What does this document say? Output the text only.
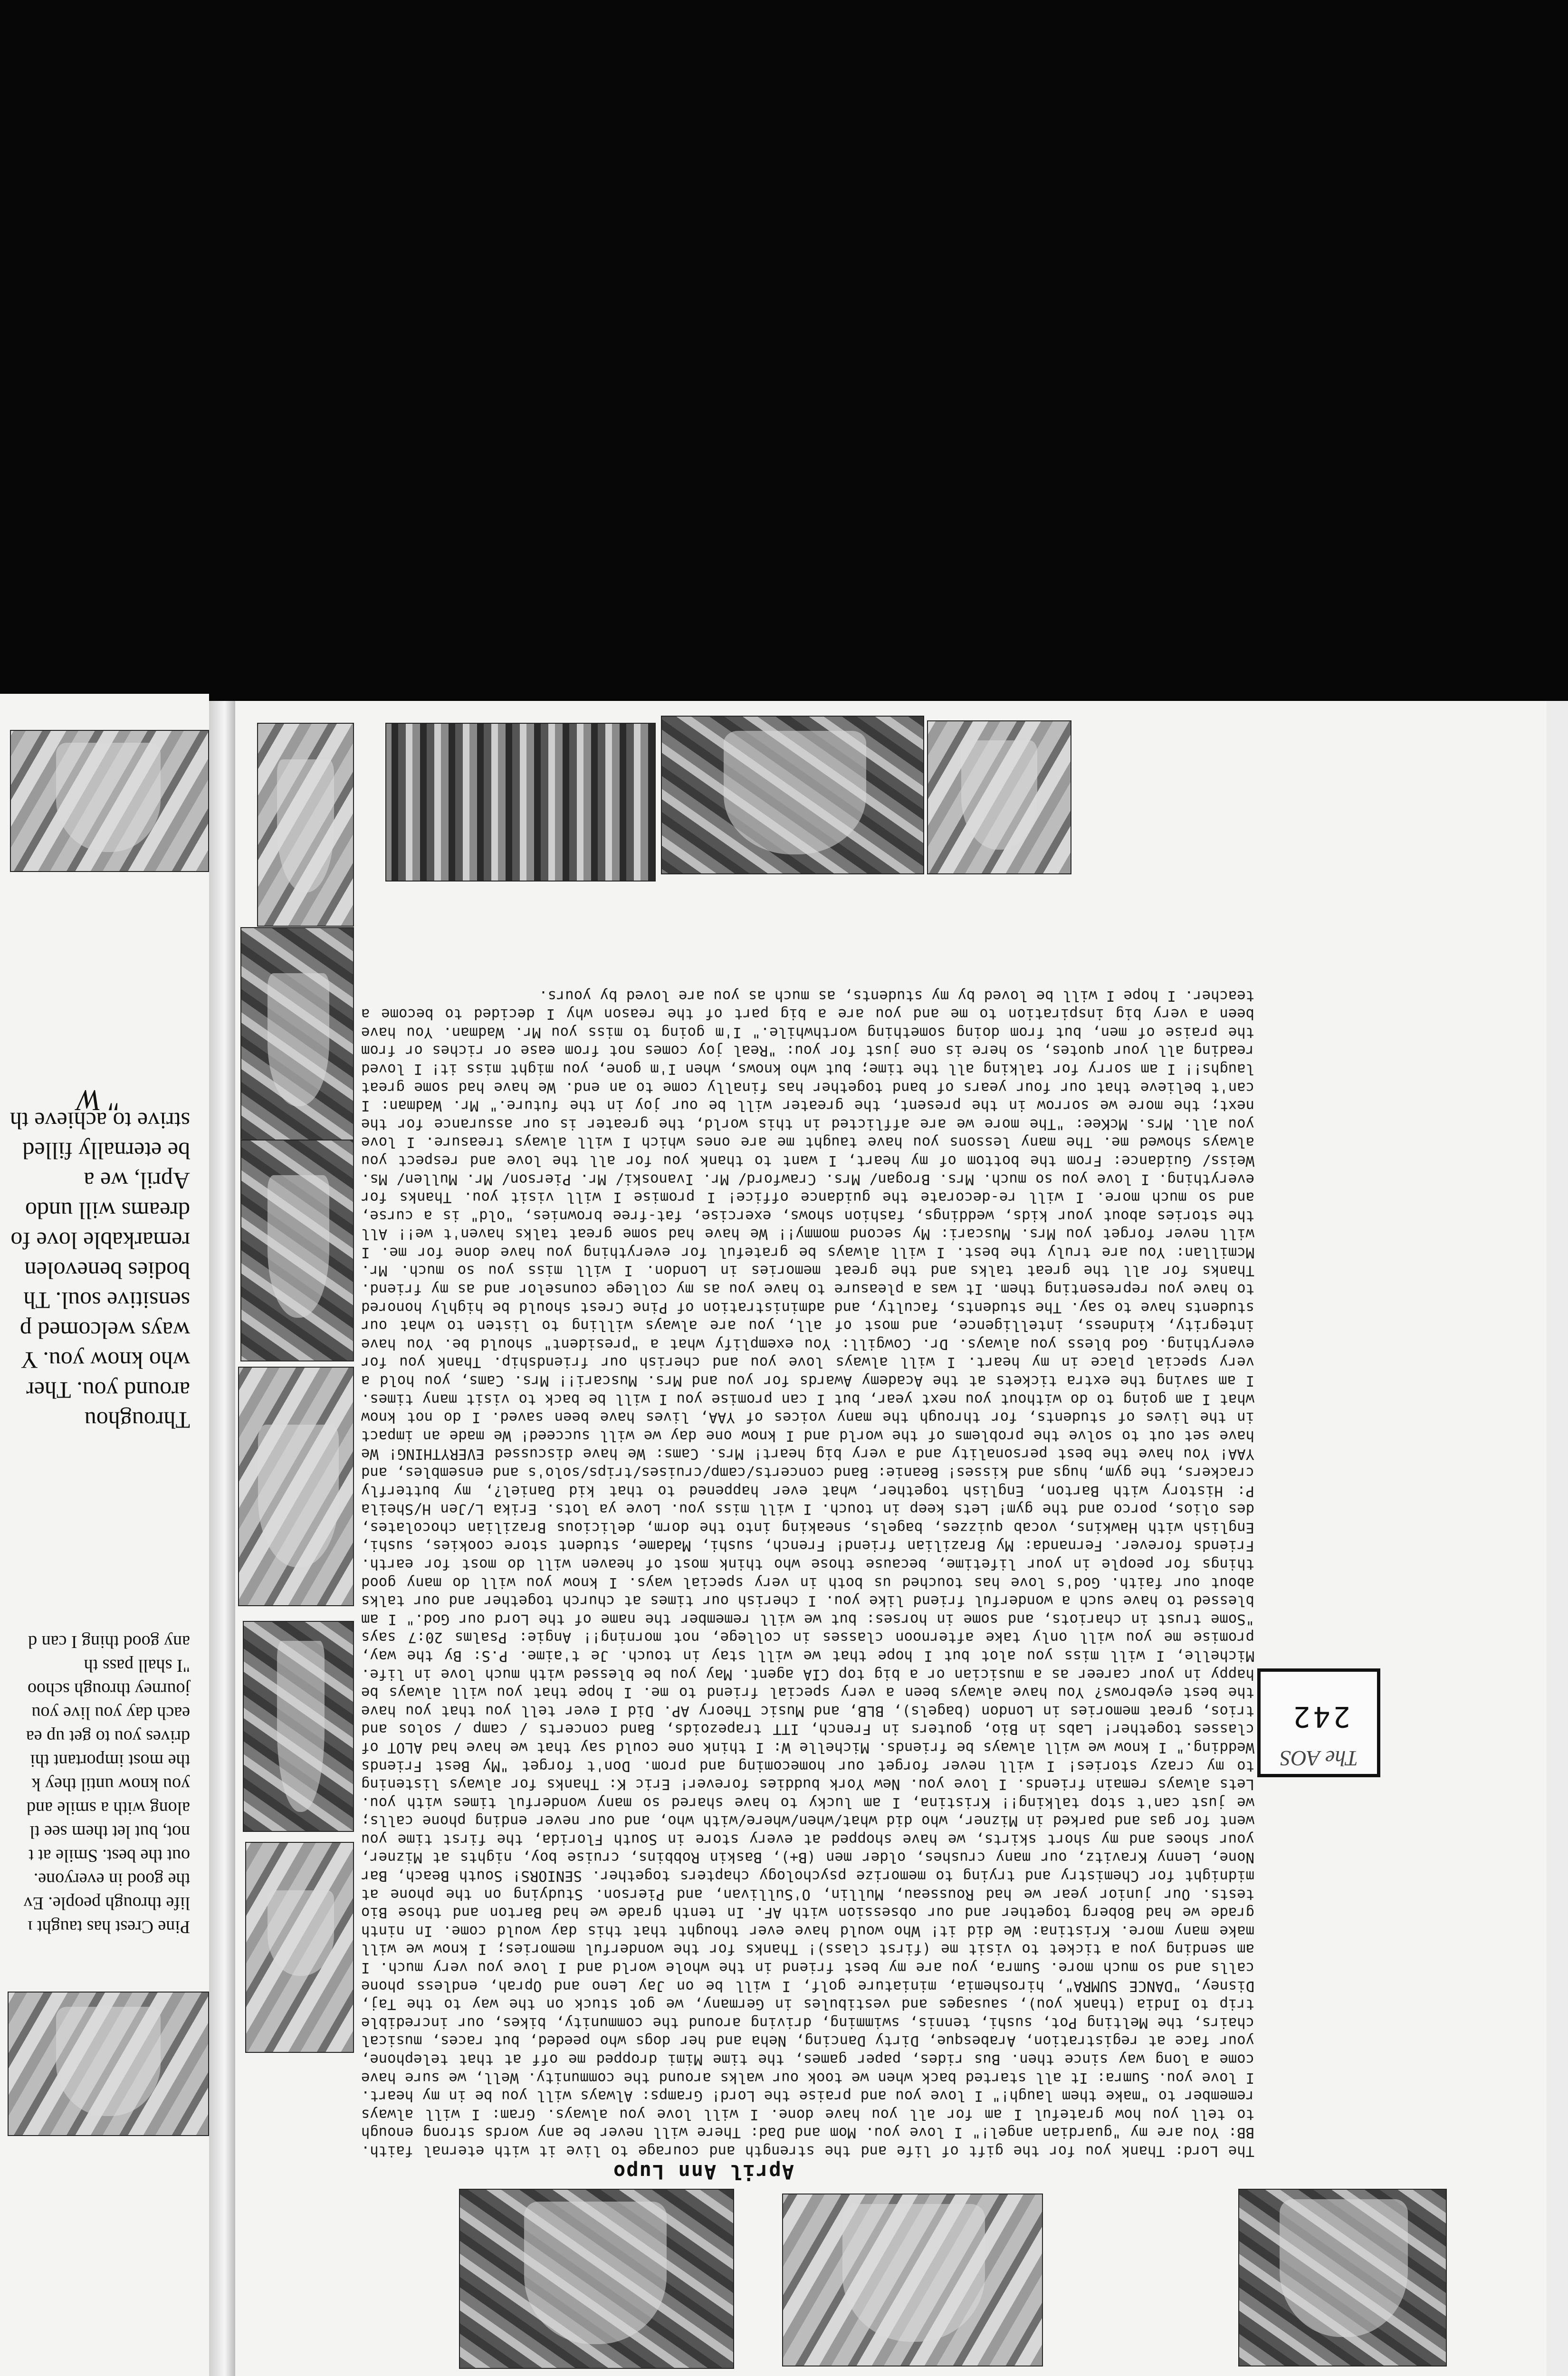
The AOS
242
April Ann Lupo

The Lord: Thank you for the gift of life and the strength and courage to live it with eternal faith. BB: You are my "guardian angel!" I love you. Mom and Dad: There will never be any words strong enough to tell you how grateful I am for all you have done. I will love you always. Gram: I will always remember to "make them laugh!" I love you and praise the Lord! Gramps: Always will you be in my heart. I love you. Sumra: It all started back when we took our walks around the community. Well, we sure have come a long way since then. Bus rides, paper games, the time Mimi dropped me off at that telephone, your face at registration, Arabesque, Dirty Dancing, Neha and her dogs who peeded, but races, musical chairs, the Melting Pot, sushi, tennis, swimming, driving around the community, bikes, our incredible trip to India (thank you), sausages and vestibules in Germany, we got stuck on the way to the Taj, Disney, "DANCE SUMRA", hiroshemia, miniature golf, I will be on Jay Leno and Oprah, endless phone calls and so much more. Sumra, you are my best friend in the whole world and I love you very much. I am sending you a ticket to visit me (first class)! Thanks for the wonderful memories; I know we will make many more. Kristina: We did it! Who would have ever thought that this day would come. In ninth grade we had Boberg together and our obsession with AF. In tenth grade we had Barton and those Bio tests. Our junior year we had Rousseau, Mullin, O'Sullivan, and Pierson. Studying on the phone at midnight for Chemistry and trying to memorize psychology chapters together. SENIORS! South Beach, Bar None, Lenny Kravitz, our many crushes, older men (B+), Baskin Robbins, cruise boy, nights at Mizner, your shoes and my short skirts, we have shopped at every store in South Florida, the first time you went for gas and parked in Mizner, who did what/when/where/with who, and our never ending phone calls; we just can't stop talking!! Kristina, I am lucky to have shared so many wonderful times with you. Lets always remain friends. I love you. New York buddies forever! Eric K: Thanks for always listening to my crazy stories! I will never forget our homecoming and prom. Don't forget "My Best Friends Wedding." I know we will always be friends. Michelle W: I think one could say that we have had ALOT of classes together! Labs in Bio, gouters in French, ITT trapezoids, Band concerts / camp / solos and trios, great memories in London (bagels), BLB, and Music Theory AP. Did I ever tell you that you have the best eyebrows? You have always been a very special friend to me. I hope that you will always be happy in your career as a musician or a big top CIA agent. May you be blessed with much love in life. Michelle, I will miss you alot but I hope that we will stay in touch. Je t'aime. P.S: By the way, promise me you will only take afternoon classes in college, not morning!! Angie: Psalms 20:7 says "Some trust in chariots, and some in horses: but we will remember the name of the Lord our God." I am blessed to have such a wonderful friend like you. I cherish our times at church together and our talks about our faith. God's love has touched us both in very special ways. I know you will do many good things for people in your lifetime, because those who think most of heaven will do most for earth. Friends forever. Fernanda: My Brazilian friend! French, sushi, Madame, student store cookies, sushi, English with Hawkins, vocab quizzes, bagels, sneaking into the dorm, delicious Brazilian chocolates, des olios, porco and the gym! Lets keep in touch. I will miss you. Love ya lots. Erika L/Jen H/Sheila P: History with Barton, English together, what ever happened to that kid Daniel?, my butterfly crackers, the gym, hugs and kisses! Beanie: Band concerts/camp/cruises/trips/solo's and ensembles, and YAA! You have the best personality and a very big heart! Mrs. Cams: We have discussed EVERYTHING! We have set out to solve the problems of the world and I know one day we will succeed! We made an impact in the lives of students, for through the many voices of YAA, lives have been saved. I do not know what I am going to do without you next year, but I can promise you I will be back to visit many times. I am saving the extra tickets at the Academy Awards for you and Mrs. Muscari!! Mrs. Cams, you hold a very special place in my heart. I will always love you and cherish our friendship. Thank you for everything. God bless you always. Dr. Cowgill: You exemplify what a "president" should be. You have integrity, kindness, intelligence, and most of all, you are always willing to listen to what our students have to say. The students, faculty, and administration of Pine Crest should be highly honored to have you representing them. It was a pleasure to have you as my college counselor and as my friend. Thanks for all the great talks and the great memories in London. I will miss you so much. Mr. Mcmillan: You are truly the best. I will always be grateful for everything you have done for me. I will never forget you Mrs. Muscari: My second mommy!! We have had some great talks haven't we!! All the stories about your kids, weddings, fashion shows, exercise, fat-free brownies, "old" is a curse, and so much more. I will re-decorate the guidance office! I promise I will visit you. Thanks for everything. I love you so much. Mrs. Brogan/ Mrs. Crawford/ Mr. Ivanoski/ Mr. Pierson/ Mr. Mullen/ Ms. Weiss/ Guidance: From the bottom of my heart, I want to thank you for all the love and respect you always showed me. The many lessons you have taught me are ones which I will always treasure. I love you all. Mrs. McKee: "The more we are afflicted in this world, the greater is our assurance for the next; the more we sorrow in the present, the greater will be our joy in the future." Mr. Wadman: I can't believe that our four years of band together has finally come to an end. We have had some great laughs!! I am sorry for talking all the time; but who knows, when I'm gone, you might miss it! I loved reading all your quotes, so here is one just for you: "Real joy comes not from ease or riches or from the praise of men, but from doing something worthwhile." I'm going to miss you Mr. Wadman. You have been a very big inspiration to me and you are a big part of the reason why I decided to become a teacher. I hope I will be loved by my students, as much as you are loved by yours.

Pine Crest has taught ı
life through people. Ev
the good in everyone.
out the best. Smile at t
not, but let them see tl
along with a smile and
you know until they k
the most important thi
drives you to get up ea
each day you live you
journey through schoo
"I shall pass th
any good thing I can d
Throughou
around you. Ther
who know you. Y
ways welcomed p
sensitive soul. Th
bodies benevolen
remarkable love fo
dreams will undo
April, we a
be eternally filled
strive to achieve th
" W
